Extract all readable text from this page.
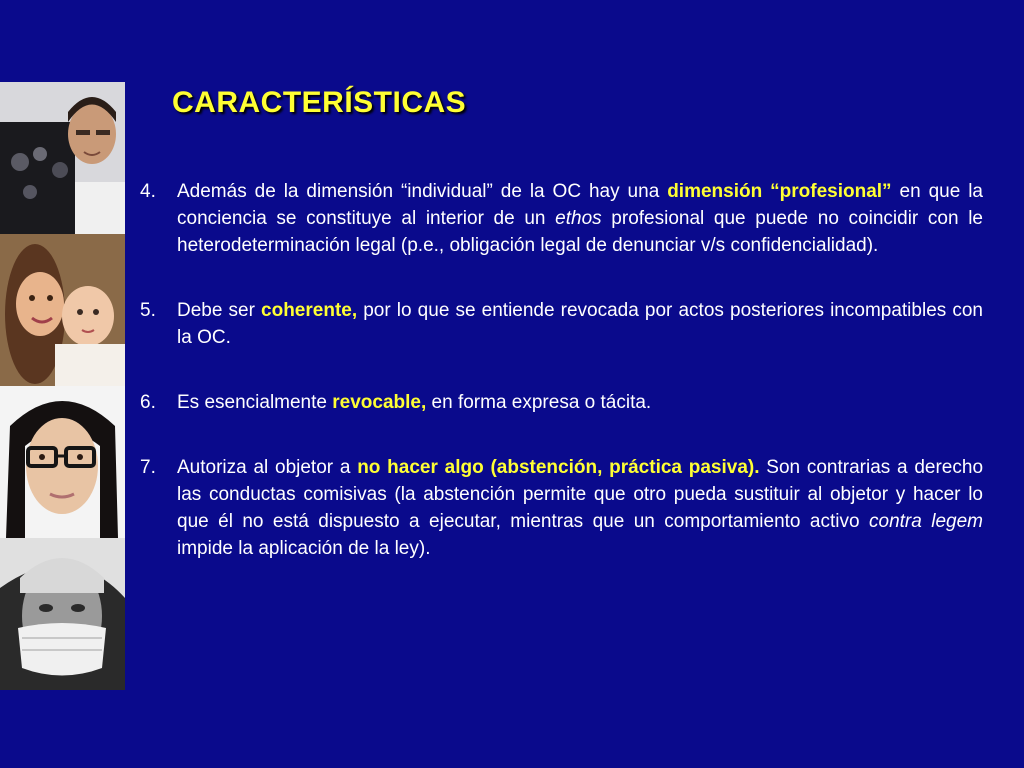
CARACTERÍSTICAS
4.	Además de la dimensión “individual” de la OC hay una dimensión “profesional” en que la conciencia se constituye al interior de un ethos profesional que puede no coincidir con le heterodeterminación legal (p.e., obligación legal de denunciar v/s confidencialidad).
5.	Debe ser coherente, por lo que se entiende revocada por actos posteriores incompatibles con la OC.
6.	Es esencialmente revocable, en forma expresa o tácita.
7.	Autoriza al objetor a no hacer algo (abstención, práctica pasiva). Son contrarias a derecho las conductas comisivas (la abstención permite que otro pueda sustituir al objetor y hacer lo que él no está dispuesto a ejecutar, mientras que un comportamiento activo contra legem impide la aplicación de la ley).
